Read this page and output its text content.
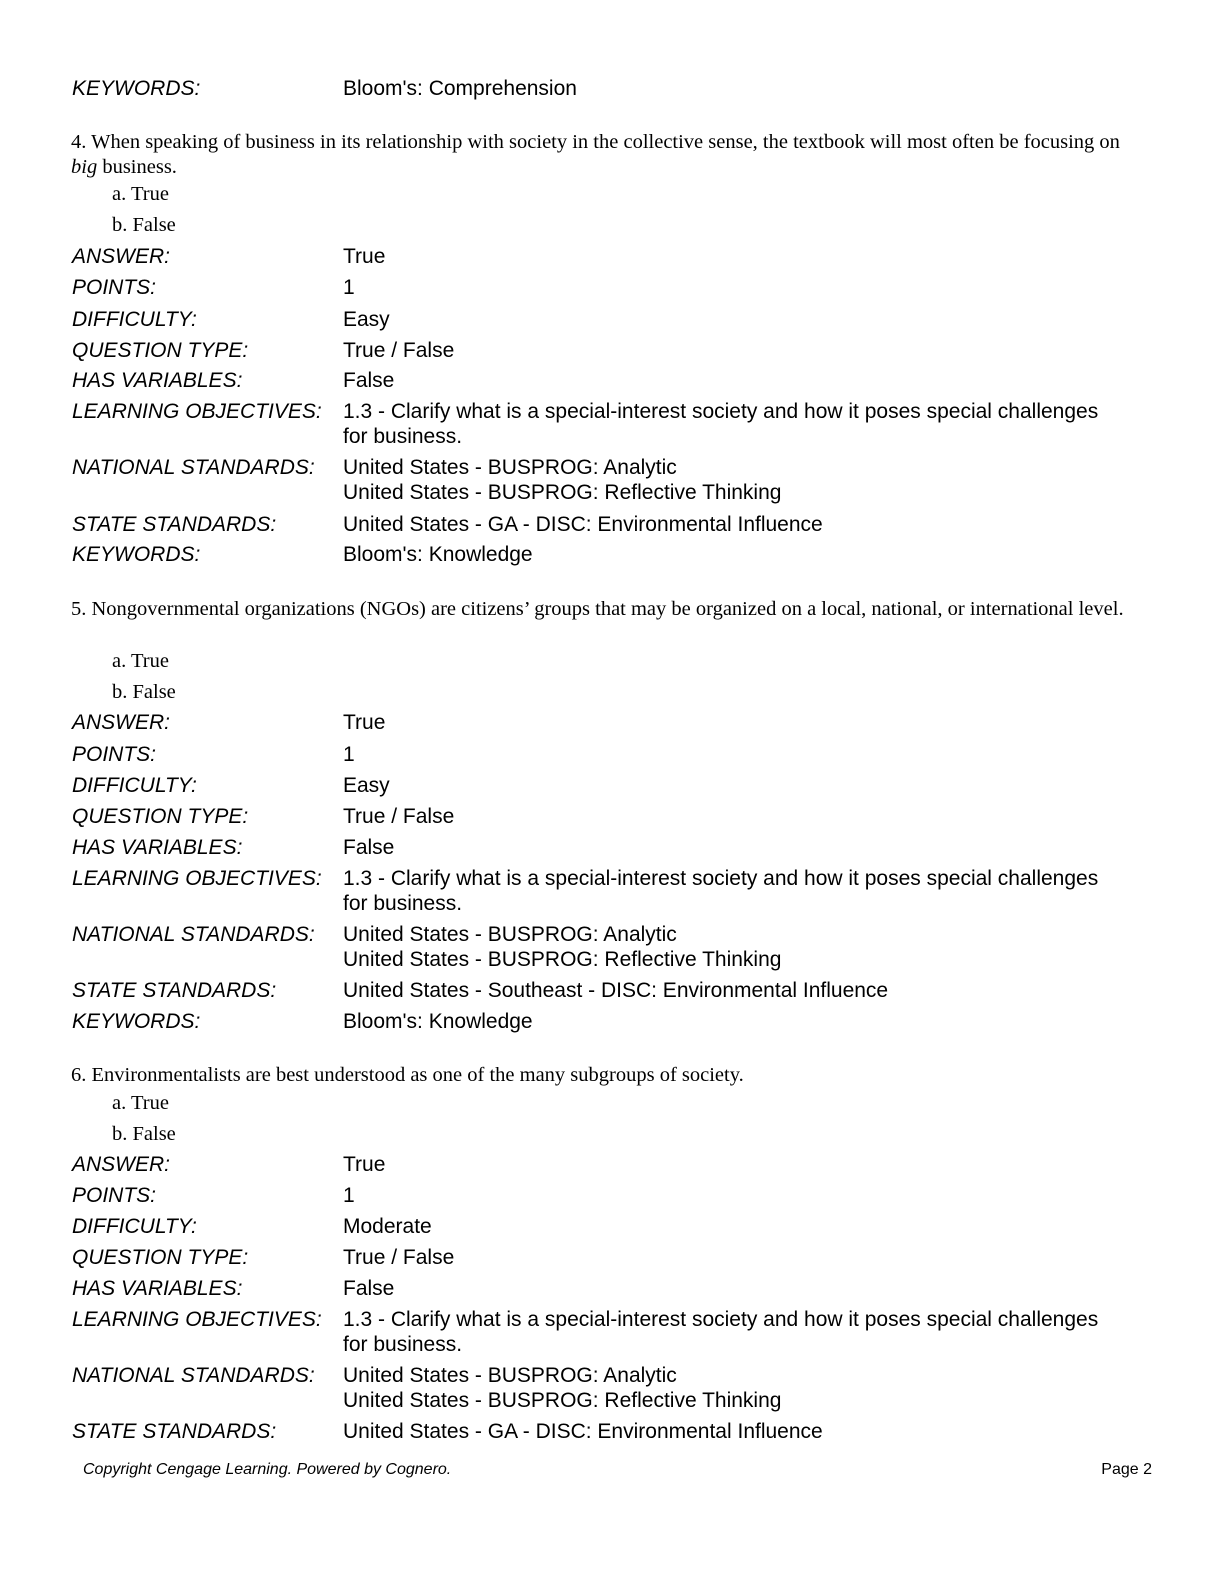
KEYWORDS:	Bloom's: Comprehension
4. When speaking of business in its relationship with society in the collective sense, the textbook will most often be focusing on big business.
a. True
b. False
ANSWER:	True
POINTS:	1
DIFFICULTY:	Easy
QUESTION TYPE:	True / False
HAS VARIABLES:	False
LEARNING OBJECTIVES: 1.3 - Clarify what is a special-interest society and how it poses special challenges
for business.
NATIONAL STANDARDS: United States - BUSPROG: Analytic
United States - BUSPROG: Reflective Thinking
STATE STANDARDS:	United States - GA - DISC: Environmental Influence
KEYWORDS:	Bloom's: Knowledge
5. Nongovernmental organizations (NGOs) are citizens’ groups that may be organized on a local, national, or international level.
a. True
b. False
ANSWER:	True
POINTS:	1
DIFFICULTY:	Easy
QUESTION TYPE:	True / False
HAS VARIABLES:	False
LEARNING OBJECTIVES: 1.3 - Clarify what is a special-interest society and how it poses special challenges
for business.
NATIONAL STANDARDS: United States - BUSPROG: Analytic
United States - BUSPROG: Reflective Thinking
STATE STANDARDS:	United States - Southeast - DISC: Environmental Influence
KEYWORDS:	Bloom's: Knowledge
6. Environmentalists are best understood as one of the many subgroups of society.
a. True
b. False
ANSWER:	True
POINTS:	1
DIFFICULTY:	Moderate
QUESTION TYPE:	True / False
HAS VARIABLES:	False
LEARNING OBJECTIVES: 1.3 - Clarify what is a special-interest society and how it poses special challenges
for business.
NATIONAL STANDARDS: United States - BUSPROG: Analytic
United States - BUSPROG: Reflective Thinking
STATE STANDARDS:	United States - GA - DISC: Environmental Influence
Copyright Cengage Learning. Powered by Cognero.	Page 2
